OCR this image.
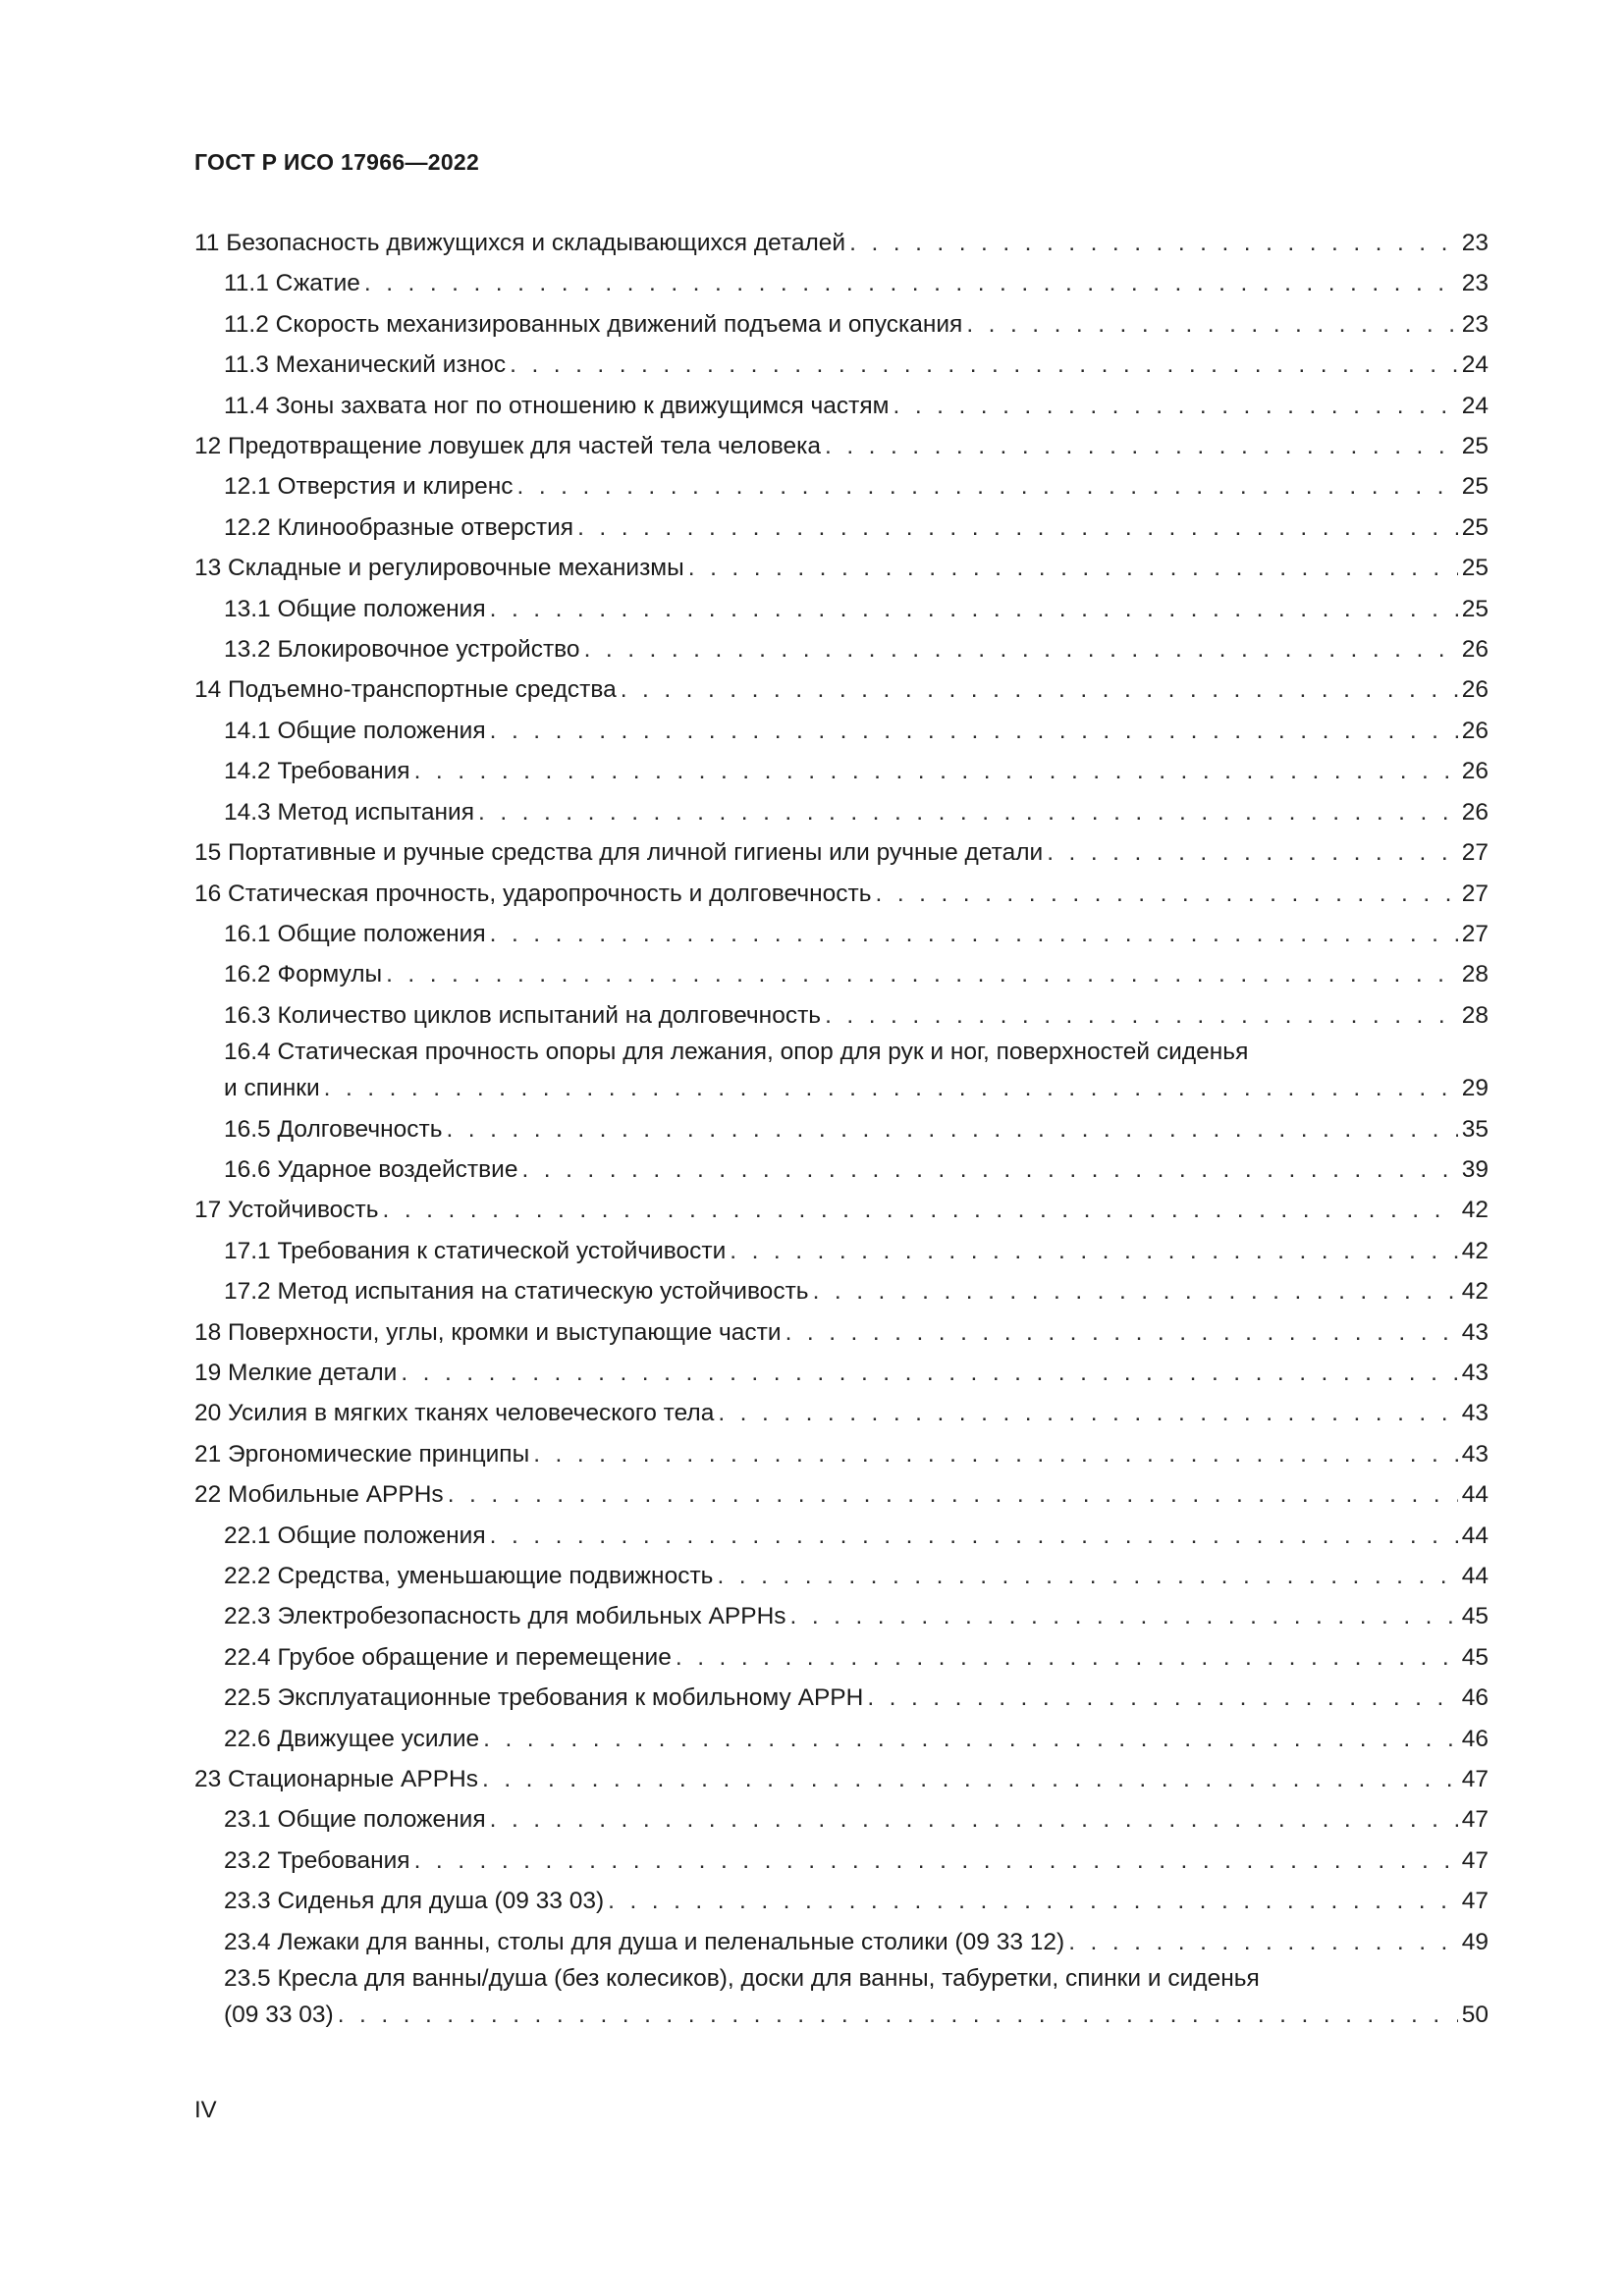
ГОСТ Р ИСО 17966—2022
11 Безопасность движущихся и складывающихся деталей . . .	23
11.1 Сжатие . . .	23
11.2 Скорость механизированных движений подъема и опускания . . .	23
11.3 Механический износ . . .	24
11.4 Зоны захвата ног по отношению к движущимся частям . . .	24
12 Предотвращение ловушек для частей тела человека . . .	25
12.1 Отверстия и клиренс . . .	25
12.2 Клинообразные отверстия . . .	25
13 Складные и регулировочные механизмы . . .	25
13.1 Общие положения . . .	25
13.2 Блокировочное устройство . . .	26
14 Подъемно-транспортные средства . . .	26
14.1 Общие положения . . .	26
14.2 Требования . . .	26
14.3 Метод испытания . . .	26
15 Портативные и ручные средства для личной гигиены или ручные детали . . .	27
16 Статическая прочность, ударопрочность и долговечность . . .	27
16.1 Общие положения . . .	27
16.2 Формулы . . .	28
16.3 Количество циклов испытаний на долговечность . . .	28
16.4 Статическая прочность опоры для лежания, опор для рук и ног, поверхностей сиденья
и спинки . . .	29
16.5 Долговечность . . .	35
16.6 Ударное воздействие . . .	39
17 Устойчивость . . .	42
17.1 Требования к статической устойчивости . . .	42
17.2 Метод испытания на статическую устойчивость . . .	42
18 Поверхности, углы, кромки и выступающие части . . .	43
19 Мелкие детали . . .	43
20 Усилия в мягких тканях человеческого тела . . .	43
21 Эргономические принципы . . .	43
22 Мобильные APPHs . . .	44
22.1 Общие положения . . .	44
22.2 Средства, уменьшающие подвижность . . .	44
22.3 Электробезопасность для мобильных APPHs . . .	45
22.4 Грубое обращение и перемещение . . .	45
22.5 Эксплуатационные требования к мобильному APPH . . .	46
22.6 Движущее усилие . . .	46
23 Стационарные APPHs . . .	47
23.1 Общие положения . . .	47
23.2 Требования . . .	47
23.3 Сиденья для душа (09 33 03) . . .	47
23.4 Лежаки для ванны, столы для душа и пеленальные столики (09 33 12) . . .	49
23.5 Кресла для ванны/душа (без колесиков), доски для ванны, табуретки, спинки и сиденья
(09 33 03) . . .	50
IV
